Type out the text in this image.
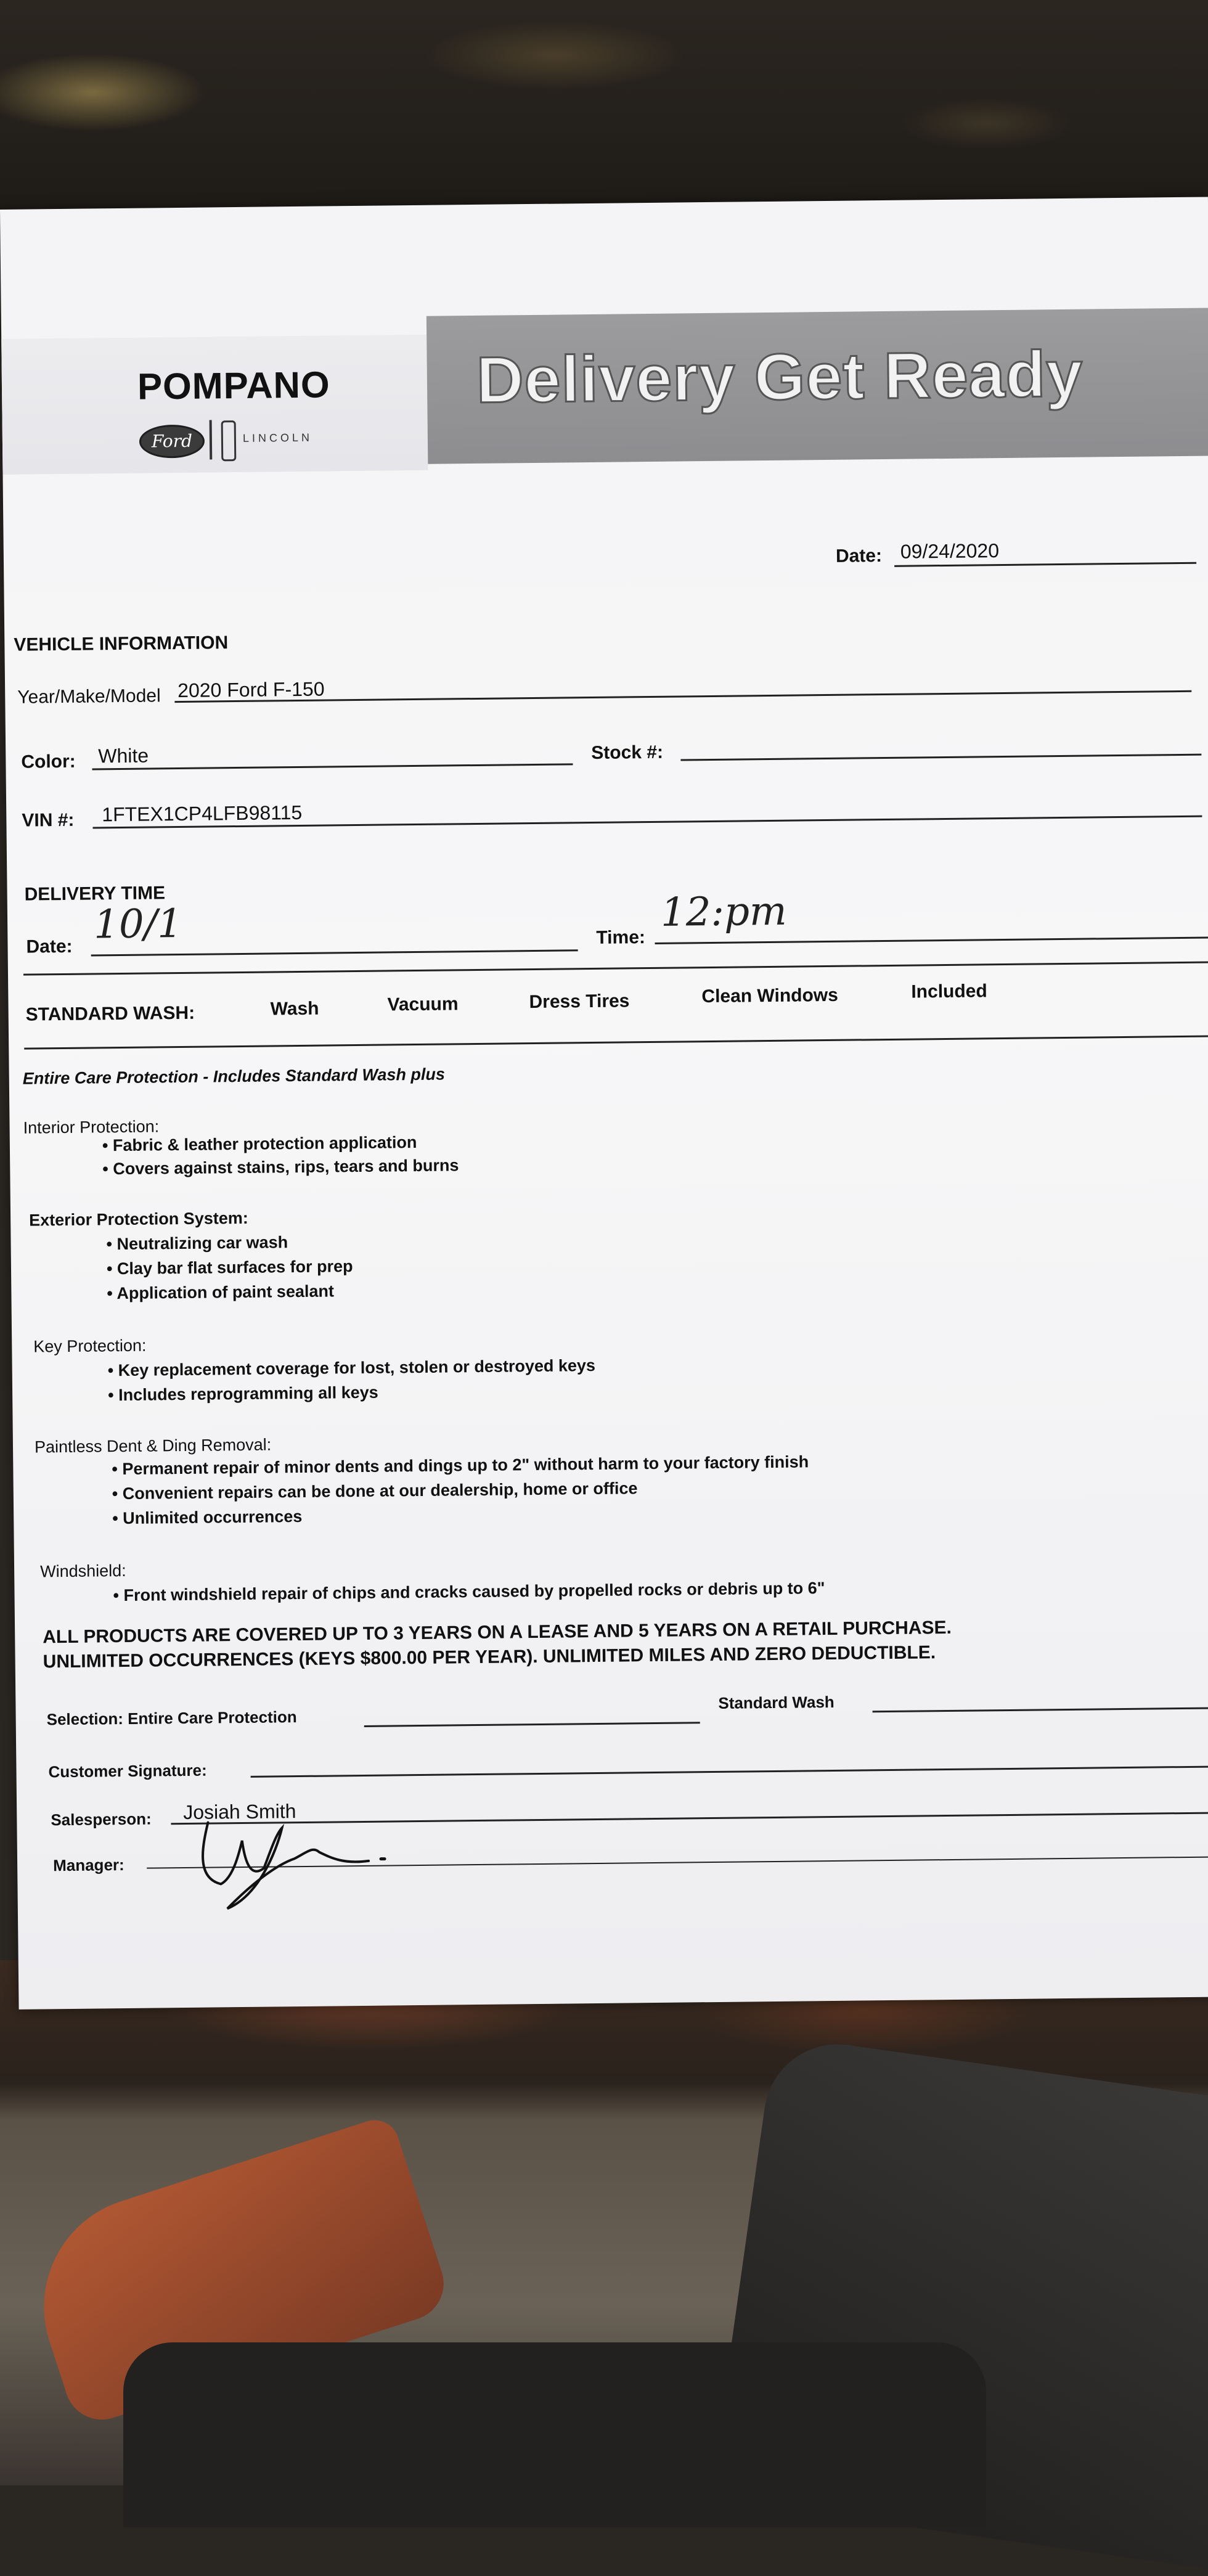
POMPANO
Ford	LINCOLN
Delivery Get Ready
Date: 09/24/2020
VEHICLE INFORMATION
Year/Make/Model 2020 Ford F-150
Color: White	Stock #:
VIN #: 1FTEX1CP4LFB98115
DELIVERY TIME
Date: 10/1	Time:
12:pm
STANDARD WASH:	Wash	Vacuum	Dress Tires	Clean Windows	Included
Entire Care Protection - Includes Standard Wash plus
Interior Protection:
• Fabric & leather protection application
• Covers against stains, rips, tears and burns
Exterior Protection System:
• Neutralizing car wash
• Clay bar flat surfaces for prep
• Application of paint sealant
Key Protection:
• Key replacement coverage for lost, stolen or destroyed keys
• Includes reprogramming all keys
Paintless Dent & Ding Removal:
• Permanent repair of minor dents and dings up to 2" without harm to your factory finish
• Convenient repairs can be done at our dealership, home or office
• Unlimited occurrences
Windshield:
• Front windshield repair of chips and cracks caused by propelled rocks or debris up to 6"
ALL PRODUCTS ARE COVERED UP TO 3 YEARS ON A LEASE AND 5 YEARS ON A RETAIL PURCHASE.
UNLIMITED OCCURRENCES (KEYS $800.00 PER YEAR). UNLIMITED MILES AND ZERO DEDUCTIBLE.
Selection: Entire Care Protection
Standard Wash
Customer Signature:
Salesperson: Josiah Smith
Manager:
